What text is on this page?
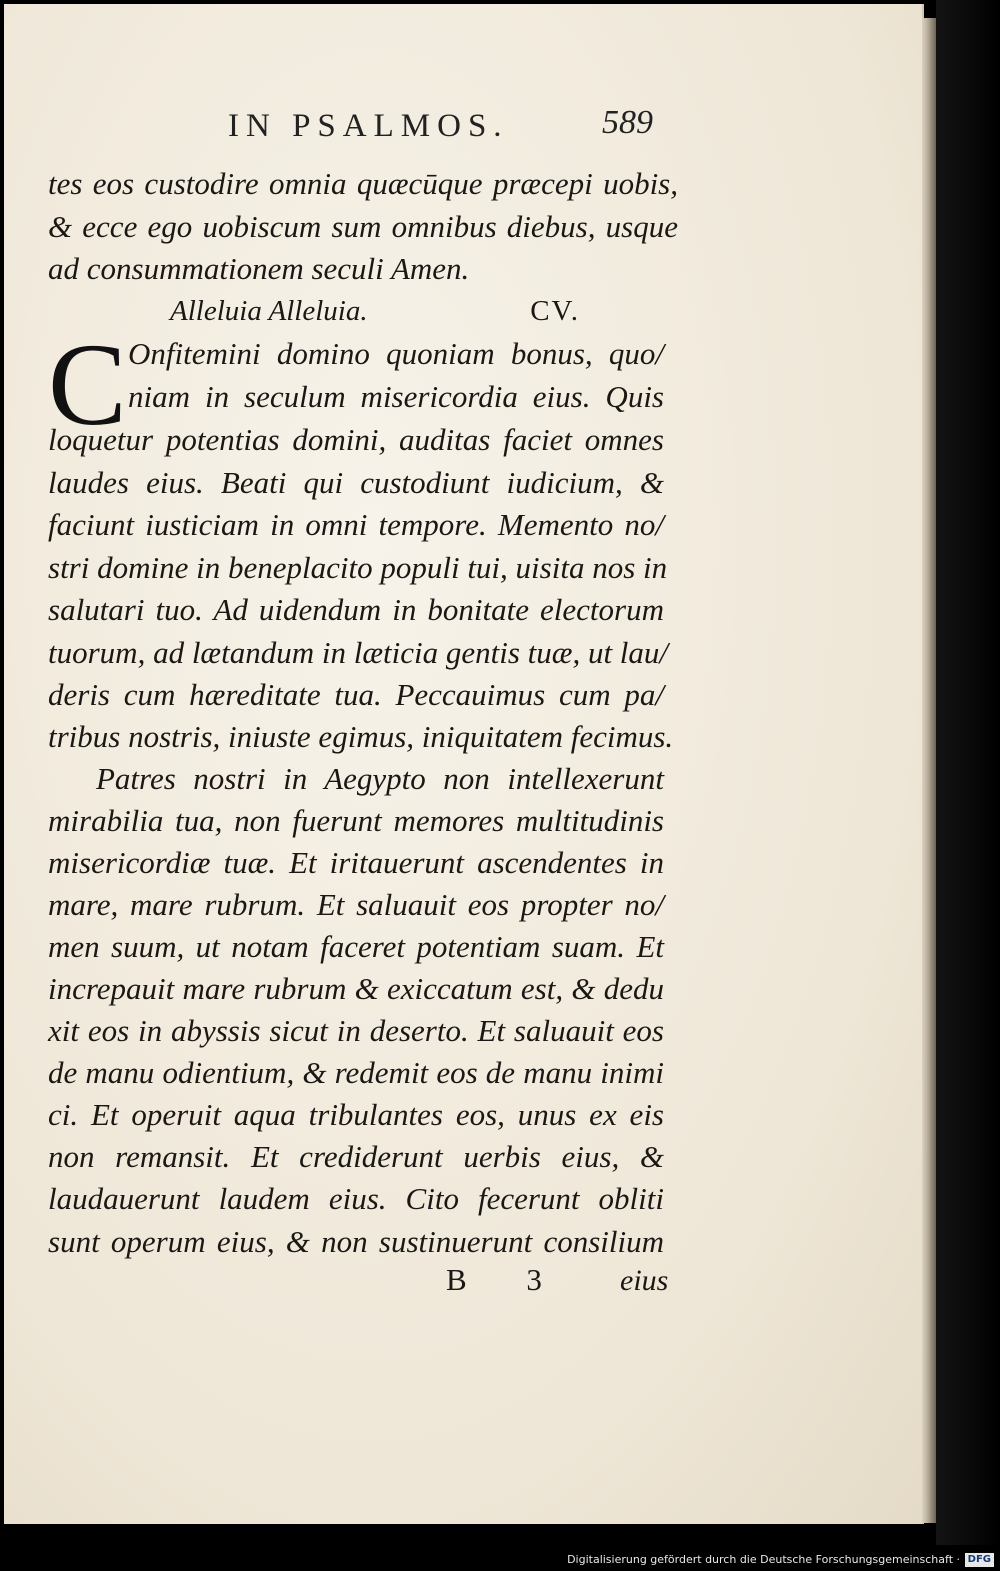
IN PSALMOS.	589
tes eos custodire omnia quæcūque præcepi uobis,
& ecce ego uobiscum sum omnibus diebus, usque
ad consummationem seculi Amen.
Alleluia Alleluia.	CV.
C Onfitemini domino quoniam bonus, quo/
niam in seculum misericordia eius. Quis
loquetur potentias domini, auditas faciet omnes
laudes eius. Beati qui custodiunt iudicium, &
faciunt iusticiam in omni tempore. Memento no/
stri domine in beneplacito populi tui, uisita nos in
salutari tuo. Ad uidendum in bonitate electorum
tuorum, ad lætandum in læticia gentis tuæ, ut lau/
deris cum hæreditate tua. Peccauimus cum pa/
tribus nostris, iniuste egimus, iniquitatem fecimus.
Patres nostri in Aegypto non intellexerunt
mirabilia tua, non fuerunt memores multitudinis
misericordiæ tuæ. Et iritauerunt ascendentes in
mare, mare rubrum. Et saluauit eos propter no/
men suum, ut notam faceret potentiam suam. Et
increpauit mare rubrum & exiccatum est, & dedu
xit eos in abyssis sicut in deserto. Et saluauit eos
de manu odientium, & redemit eos de manu inimi
ci. Et operuit aqua tribulantes eos, unus ex eis
non remansit. Et crediderunt uerbis eius, &
laudauerunt laudem eius. Cito fecerunt obliti
sunt operum eius, & non sustinuerunt consilium
B 3 eius
Digitalisierung gefördert durch die Deutsche Forschungsgemeinschaft · DFG
